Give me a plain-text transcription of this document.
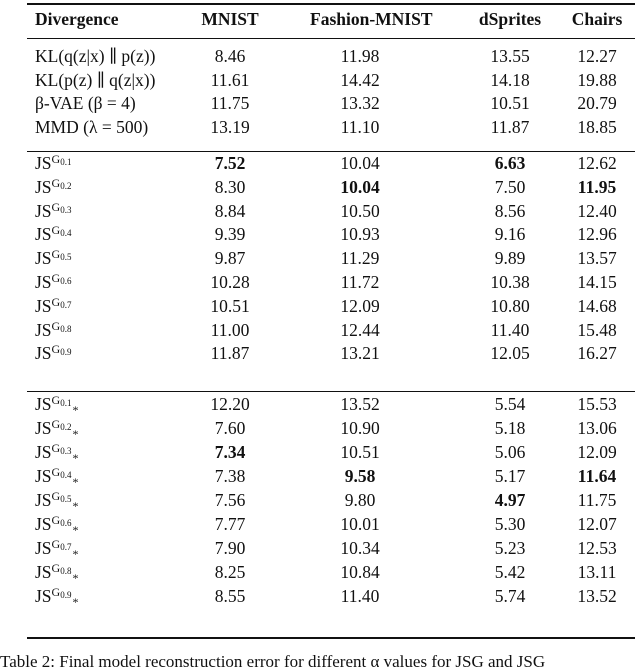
Divergence	MNIST	Fashion-MNIST	dSprites	Chairs
KL(q(z|x) ∥ p(z))	8.46	11.98	13.55	12.27
KL(p(z) ∥ q(z|x))	11.61	14.42	14.18	19.88
β-VAE (β = 4)	11.75	13.32	10.51	20.79
MMD (λ = 500)	13.19	11.10	11.87	18.85
$JS^{G_{0.1}}$	7.52	10.04	6.63	12.62
$JS^{G_{0.2}}$	8.30	10.04	7.50	11.95
$JS^{G_{0.3}}$	8.84	10.50	8.56	12.40
$JS^{G_{0.4}}$	9.39	10.93	9.16	12.96
$JS^{G_{0.5}}$	9.87	11.29	9.89	13.57
$JS^{G_{0.6}}$	10.28	11.72	10.38	14.15
$JS^{G_{0.7}}$	10.51	12.09	10.80	14.68
$JS^{G_{0.8}}$	11.00	12.44	11.40	15.48
$JS^{G_{0.9}}$	11.87	13.21	12.05	16.27
$JS^{G_{0.1}}_*$	12.20	13.52	5.54	15.53
$JS^{G_{0.2}}_*$	7.60	10.90	5.18	13.06
$JS^{G_{0.3}}_*$	7.34	10.51	5.06	12.09
$JS^{G_{0.4}}_*$	7.38	9.58	5.17	11.64
$JS^{G_{0.5}}_*$	7.56	9.80	4.97	11.75
$JS^{G_{0.6}}_*$	7.77	10.01	5.30	12.07
$JS^{G_{0.7}}_*$	7.90	10.34	5.23	12.53
$JS^{G_{0.8}}_*$	8.25	10.84	5.42	13.11
$JS^{G_{0.9}}_*$	8.55	11.40	5.74	13.52
Table 2: Final model reconstruction error for different α values for JSG and JSG
